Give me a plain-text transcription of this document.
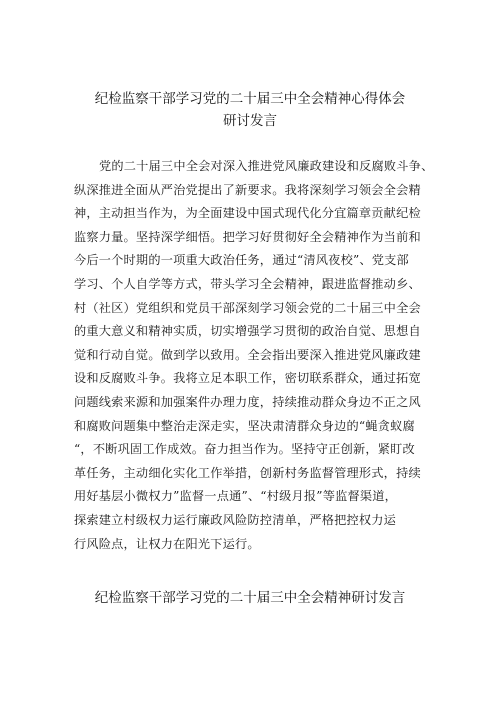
纪检监察干部学习党的二十届三中全会精神心得体会
研讨发言
党的二十届三中全会对深入推进党风廉政建设和反腐败斗争、
纵深推进全面从严治党提出了新要求。我将深刻学习领会全会精
神，主动担当作为，为全面建设中国式现代化分宜篇章贡献纪检
监察力量。坚持深学细悟。把学习好贯彻好全会精神作为当前和
今后一个时期的一项重大政治任务，通过“清风夜校”、党支部
学习、个人自学等方式，带头学习全会精神，跟进监督推动乡、
村（社区）党组织和党员干部深刻学习领会党的二十届三中全会
的重大意义和精神实质，切实增强学习贯彻的政治自觉、思想自
觉和行动自觉。做到学以致用。全会指出要深入推进党风廉政建
设和反腐败斗争。我将立足本职工作，密切联系群众，通过拓宽
问题线索来源和加强案件办理力度，持续推动群众身边不正之风
和腐败问题集中整治走深走实，坚决肃清群众身边的“蝇贪蚁腐
“，不断巩固工作成效。奋力担当作为。坚持守正创新，紧盯改
革任务，主动细化实化工作举措，创新村务监督管理形式，持续
用好基层小微权力”监督一点通”、“村级月报”等监督渠道，
探索建立村级权力运行廉政风险防控清单，严格把控权力运
行风险点，让权力在阳光下运行。
纪检监察干部学习党的二十届三中全会精神研讨发言
